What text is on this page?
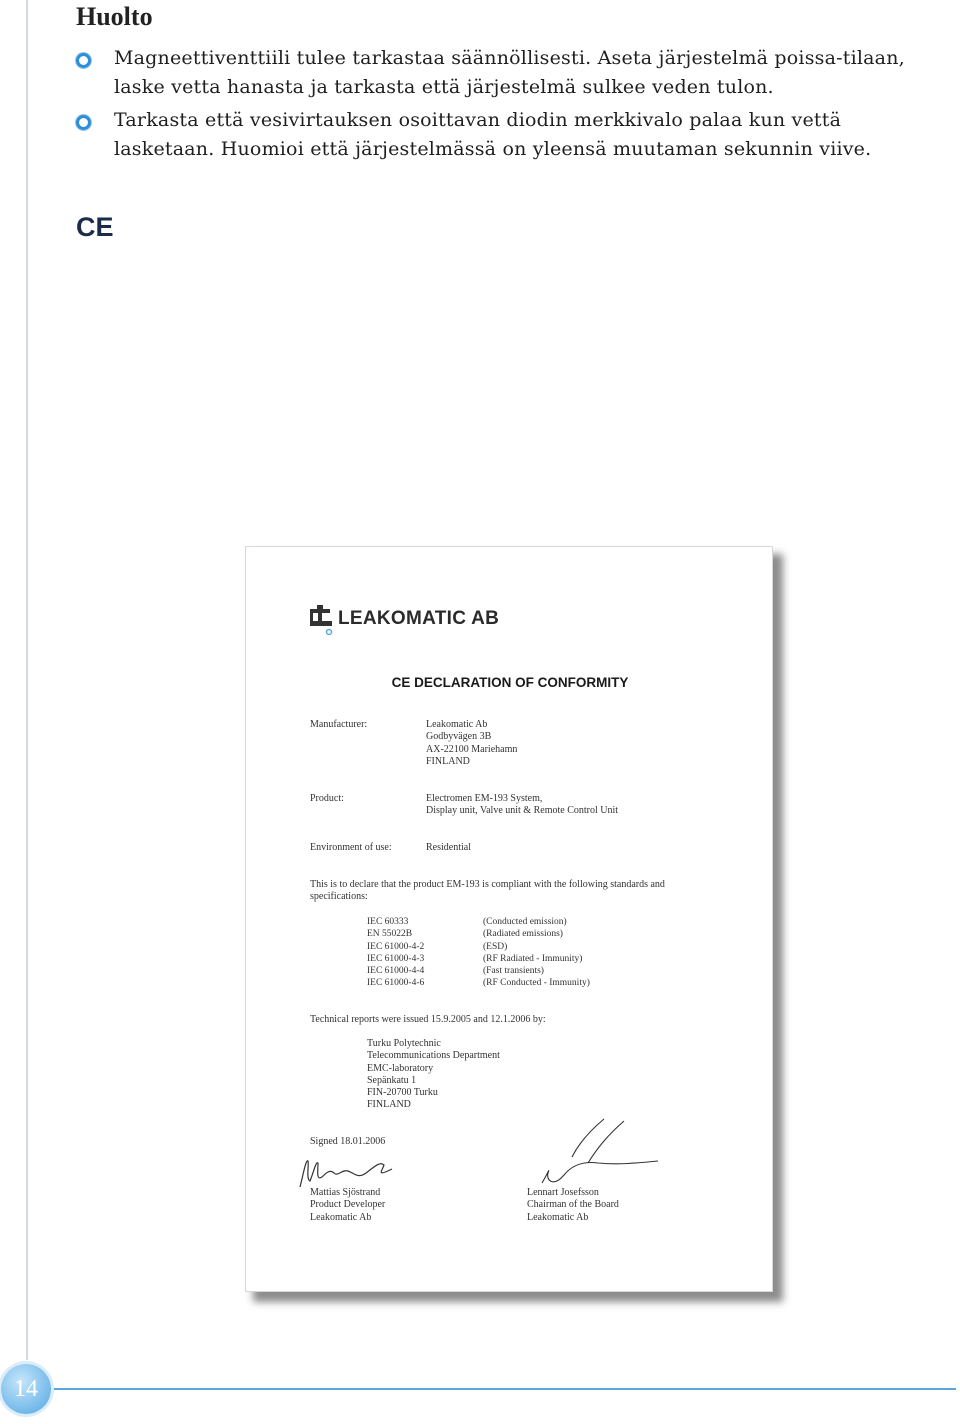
Huolto
Magneettiventtiili tulee tarkastaa säännöllisesti. Aseta järjestelmä poissa-tilaan, laske vetta hanasta ja tarkasta että järjestelmä sulkee veden tulon.
Tarkasta että vesivirtauksen osoittavan diodin merkkivalo palaa kun vettä lasketaan. Huomioi että järjestelmässä on yleensä muutaman sekunnin viive.
CE
LEAKOMATIC AB
CE DECLARATION OF CONFORMITY
Manufacturer:	Leakomatic Ab
Godbyvägen 3B
AX-22100 Mariehamn
FINLAND
Product:	Electromen EM-193 System,
Display unit, Valve unit & Remote Control Unit
Environment of use:	Residential
This is to declare that the product EM-193 is compliant with the following standards and specifications:
IEC 60333	(Conducted emission)
EN 55022B	(Radiated emissions)
IEC 61000-4-2	(ESD)
IEC 61000-4-3	(RF Radiated - Immunity)
IEC 61000-4-4	(Fast transients)
IEC 61000-4-6	(RF Conducted - Immunity)
Technical reports were issued 15.9.2005 and 12.1.2006 by:
Turku Polytechnic
Telecommunications Department
EMC-laboratory
Sepänkatu 1
FIN-20700 Turku
FINLAND
Signed 18.01.2006
Mattias Sjöstrand
Product Developer
Leakomatic Ab
Lennart Josefsson
Chairman of the Board
Leakomatic Ab
14
